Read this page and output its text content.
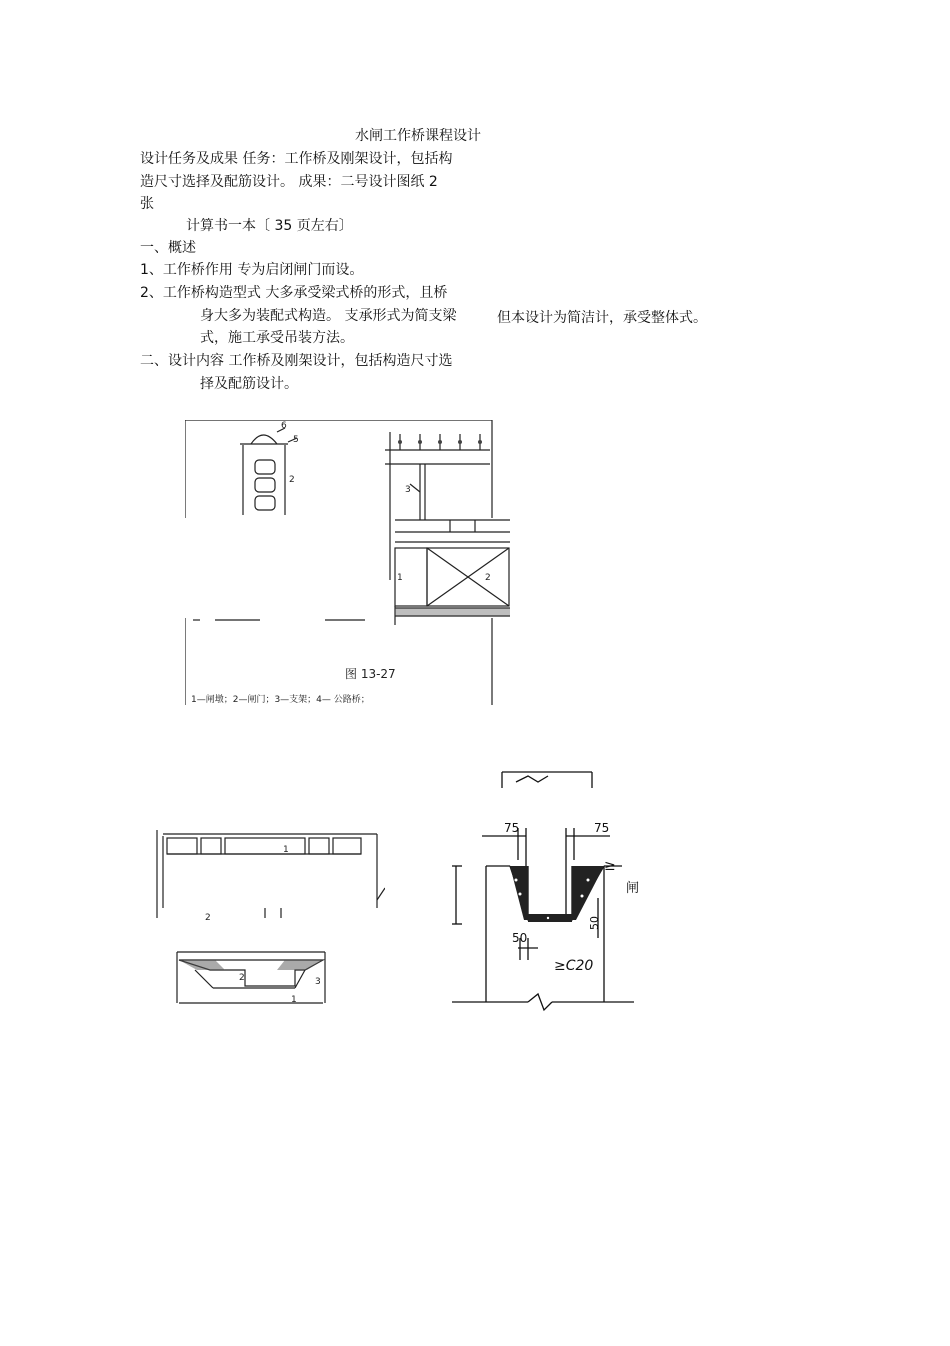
水闸工作桥课程设计
设计任务及成果 任务：工作桥及刚架设计，包括构
造尺寸选择及配筋设计。 成果：二号设计图纸 2
张
计算书一本〔 35 页左右〕
一、概述
1、工作桥作用 专为启闭闸门而设。
2、工作桥构造型式 大多承受梁式桥的形式，且桥
身大多为装配式构造。 支承形式为简支梁	但本设计为简洁计，承受整体式。
式，施工承受吊装方法。
二、设计内容 工作桥及刚架设计，包括构造尺寸选
择及配筋设计。
2
3
1	2
5
6
图 13-27
1—闸墩；2—闸门；3—支架；4— 公路桥；
1
2	3
2
1
75	75
50
50
≥
≥C20
闸
